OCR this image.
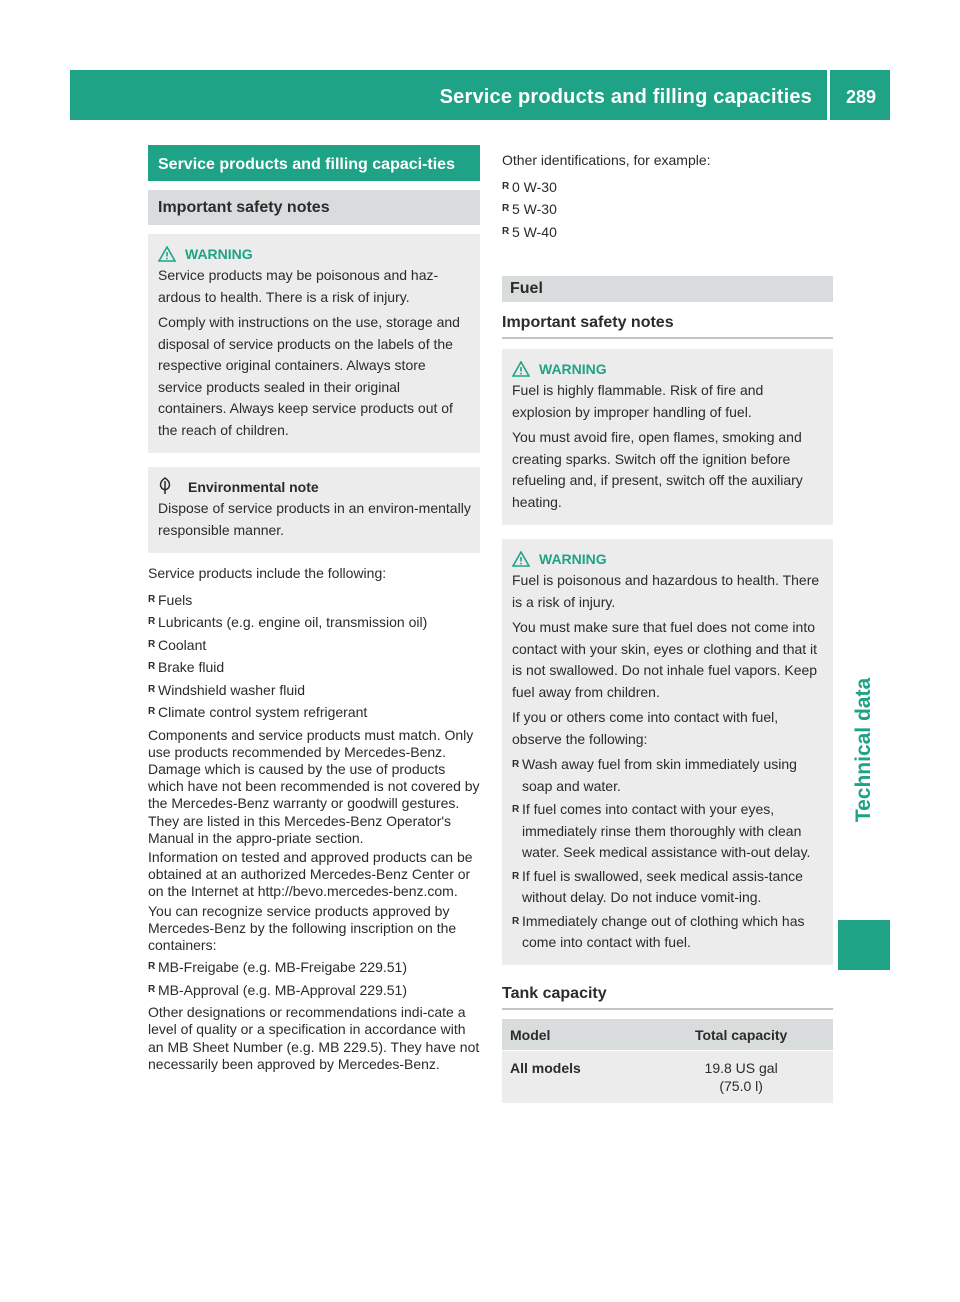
Service products and filling capacities	289
Technical data
Service products and filling capaci-ties
Important safety notes
WARNING

Service products may be poisonous and haz-ardous to health. There is a risk of injury.

Comply with instructions on the use, storage and disposal of service products on the labels of the respective original containers. Always store service products sealed in their original containers. Always keep service products out of the reach of children.

Environmental note

Dispose of service products in an environ-mentally responsible manner.

Service products include the following:

R Fuels
R Lubricants (e.g. engine oil, transmission oil)
R Coolant
R Brake fluid
R Windshield washer fluid
R Climate control system refrigerant

Components and service products must match. Only use products recommended by Mercedes-Benz. Damage which is caused by the use of products which have not been recommended is not covered by the Mercedes-Benz warranty or goodwill gestures. They are listed in this Mercedes-Benz Operator's Manual in the appro-priate section.

Information on tested and approved products can be obtained at an authorized Mercedes-Benz Center or on the Internet at http://bevo.mercedes-benz.com.

You can recognize service products approved by Mercedes-Benz by the following inscription on the containers:

R MB-Freigabe (e.g. MB-Freigabe 229.51)
R MB-Approval (e.g. MB-Approval 229.51)

Other designations or recommendations indi-cate a level of quality or a specification in accordance with an MB Sheet Number (e.g. MB 229.5). They have not necessarily been approved by Mercedes-Benz.

Other identifications, for example:

R 0 W-30
R 5 W-30
R 5 W-40
Fuel
Important safety notes
WARNING

Fuel is highly flammable. Risk of fire and explosion by improper handling of fuel.

You must avoid fire, open flames, smoking and creating sparks. Switch off the ignition before refueling and, if present, switch off the auxiliary heating.

WARNING

Fuel is poisonous and hazardous to health. There is a risk of injury.

You must make sure that fuel does not come into contact with your skin, eyes or clothing and that it is not swallowed. Do not inhale fuel vapors. Keep fuel away from children.

If you or others come into contact with fuel, observe the following:

R Wash away fuel from skin immediately using soap and water.
R If fuel comes into contact with your eyes, immediately rinse them thoroughly with clean water. Seek medical assistance with-out delay.
R If fuel is swallowed, seek medical assis-tance without delay. Do not induce vomit-ing.
R Immediately change out of clothing which has come into contact with fuel.
Tank capacity
Model	Total capacity
All models	19.8 US gal
(75.0 l)
